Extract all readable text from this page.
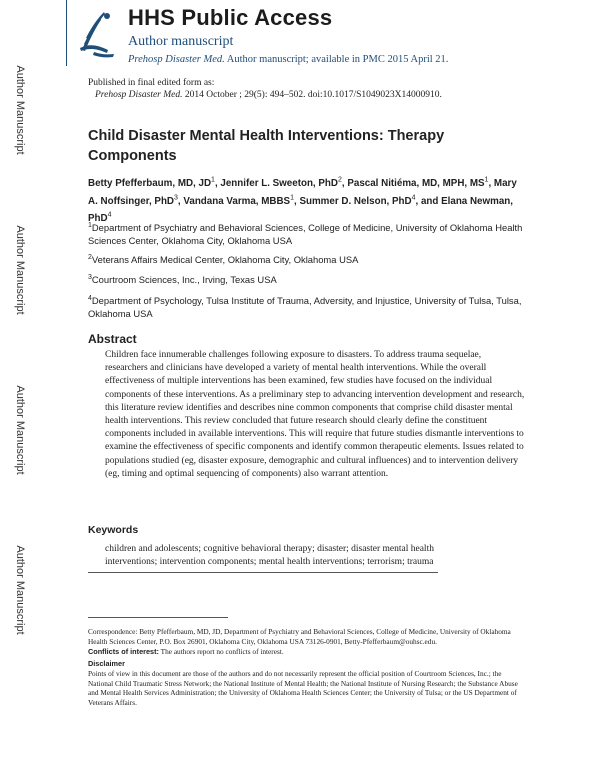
Author Manuscript
Author Manuscript
Author Manuscript
Author Manuscript
HHS Public Access
Author manuscript
Prehosp Disaster Med. Author manuscript; available in PMC 2015 April 21.
Published in final edited form as:
Prehosp Disaster Med. 2014 October ; 29(5): 494–502. doi:10.1017/S1049023X14000910.
Child Disaster Mental Health Interventions: Therapy Components
Betty Pfefferbaum, MD, $JD^1$, Jennifer L. Sweeton, PhD$^2$, Pascal Nitiéma, MD, MPH, $MS^1$, Mary A. Noffsinger, PhD$^3$, Vandana Varma, MBBS$^1$, Summer D. Nelson, PhD$^4$, and Elana Newman, PhD$^4$
$^1$Department of Psychiatry and Behavioral Sciences, College of Medicine, University of Oklahoma Health Sciences Center, Oklahoma City, Oklahoma USA
$^2$Veterans Affairs Medical Center, Oklahoma City, Oklahoma USA
$^3$Courtroom Sciences, Inc., Irving, Texas USA
$^4$Department of Psychology, Tulsa Institute of Trauma, Adversity, and Injustice, University of Tulsa, Tulsa, Oklahoma USA
Abstract
Children face innumerable challenges following exposure to disasters. To address trauma sequelae, researchers and clinicians have developed a variety of mental health interventions. While the overall effectiveness of multiple interventions has been examined, few studies have focused on the individual components of these interventions. As a preliminary step to advancing intervention development and research, this literature review identifies and describes nine common components that comprise child disaster mental health interventions. This review concluded that future research should clearly define the constituent components included in available interventions. This will require that future studies dismantle interventions to examine the effectiveness of specific components and identify common therapeutic elements. Issues related to populations studied (eg, disaster exposure, demographic and cultural influences) and to intervention delivery (eg, timing and optimal sequencing of components) also warrant attention.
Keywords
children and adolescents; cognitive behavioral therapy; disaster; disaster mental health interventions; intervention components; mental health interventions; terrorism; trauma
Correspondence: Betty Pfefferbaum, MD, JD, Department of Psychiatry and Behavioral Sciences, College of Medicine, University of Oklahoma Health Sciences Center, P.O. Box 26901, Oklahoma City, Oklahoma USA 73126-0901, Betty-Pfefferbaum@ouhsc.edu.
Conflicts of interest: The authors report no conflicts of interest.
Disclaimer
Points of view in this document are those of the authors and do not necessarily represent the official position of Courtroom Sciences, Inc.; the National Child Traumatic Stress Network; the National Institute of Mental Health; the National Institute of Nursing Research; the Substance Abuse and Mental Health Services Administration; the University of Oklahoma Health Sciences Center; the University of Tulsa; or the US Department of Veterans Affairs.
